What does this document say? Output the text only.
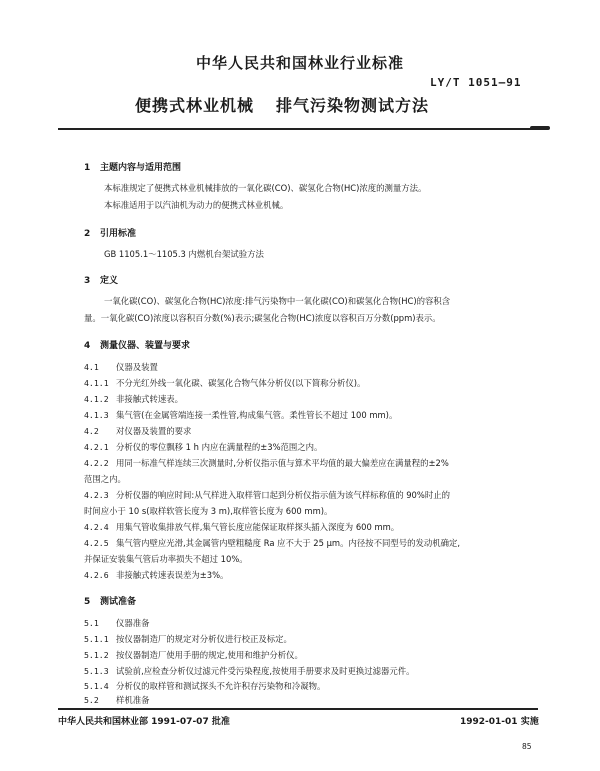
中华人民共和国林业行业标准
LY/T 1051—91
便携式林业机械 排气污染物测试方法
1 主题内容与适用范围
本标准规定了便携式林业机械排放的一氧化碳(CO)、碳氢化合物(HC)浓度的测量方法。
本标准适用于以汽油机为动力的便携式林业机械。
2 引用标准
GB 1105.1～1105.3 内燃机台架试验方法
3 定义
一氧化碳(CO)、碳氢化合物(HC)浓度:排气污染物中一氧化碳(CO)和碳氢化合物(HC)的容积含
量。一氧化碳(CO)浓度以容积百分数(%)表示;碳氢化合物(HC)浓度以容积百万分数(ppm)表示。
4 测量仪器、装置与要求
4.1 仪器及装置
4.1.1 不分光红外线一氧化碳、碳氢化合物气体分析仪(以下简称分析仪)。
4.1.2 非接触式转速表。
4.1.3 集气管(在金属管端连接一柔性管,构成集气管。柔性管长不超过 100 mm)。
4.2 对仪器及装置的要求
4.2.1 分析仪的零位飘移 1 h 内应在满量程的±3%范围之内。
4.2.2 用同一标准气样连续三次测量时,分析仪指示值与算术平均值的最大偏差应在满量程的±2%
范围之内。
4.2.3 分析仪器的响应时间:从气样进入取样管口起到分析仪指示值为该气样标称值的 90%时止的
时间应小于 10 s(取样软管长度为 3 m),取样管长度为 600 mm)。
4.2.4 用集气管收集排放气样,集气管长度应能保证取样探头插入深度为 600 mm。
4.2.5 集气管内壁应光滑,其金属管内壁粗糙度 Ra 应不大于 25 μm。内径按不同型号的发动机确定,
并保证安装集气管后功率损失不超过 10%。
4.2.6 非接触式转速表误差为±3%。
5 测试准备
5.1 仪器准备
5.1.1 按仪器制造厂的规定对分析仪进行校正及标定。
5.1.2 按仪器制造厂使用手册的规定,使用和维护分析仪。
5.1.3 试验前,应检查分析仪过滤元件受污染程度,按使用手册要求及时更换过滤器元件。
5.1.4 分析仪的取样管和测试探头不允许积存污染物和冷凝物。
5.2 样机准备
中华人民共和国林业部 1991-07-07 批准	1992-01-01 实施
85
